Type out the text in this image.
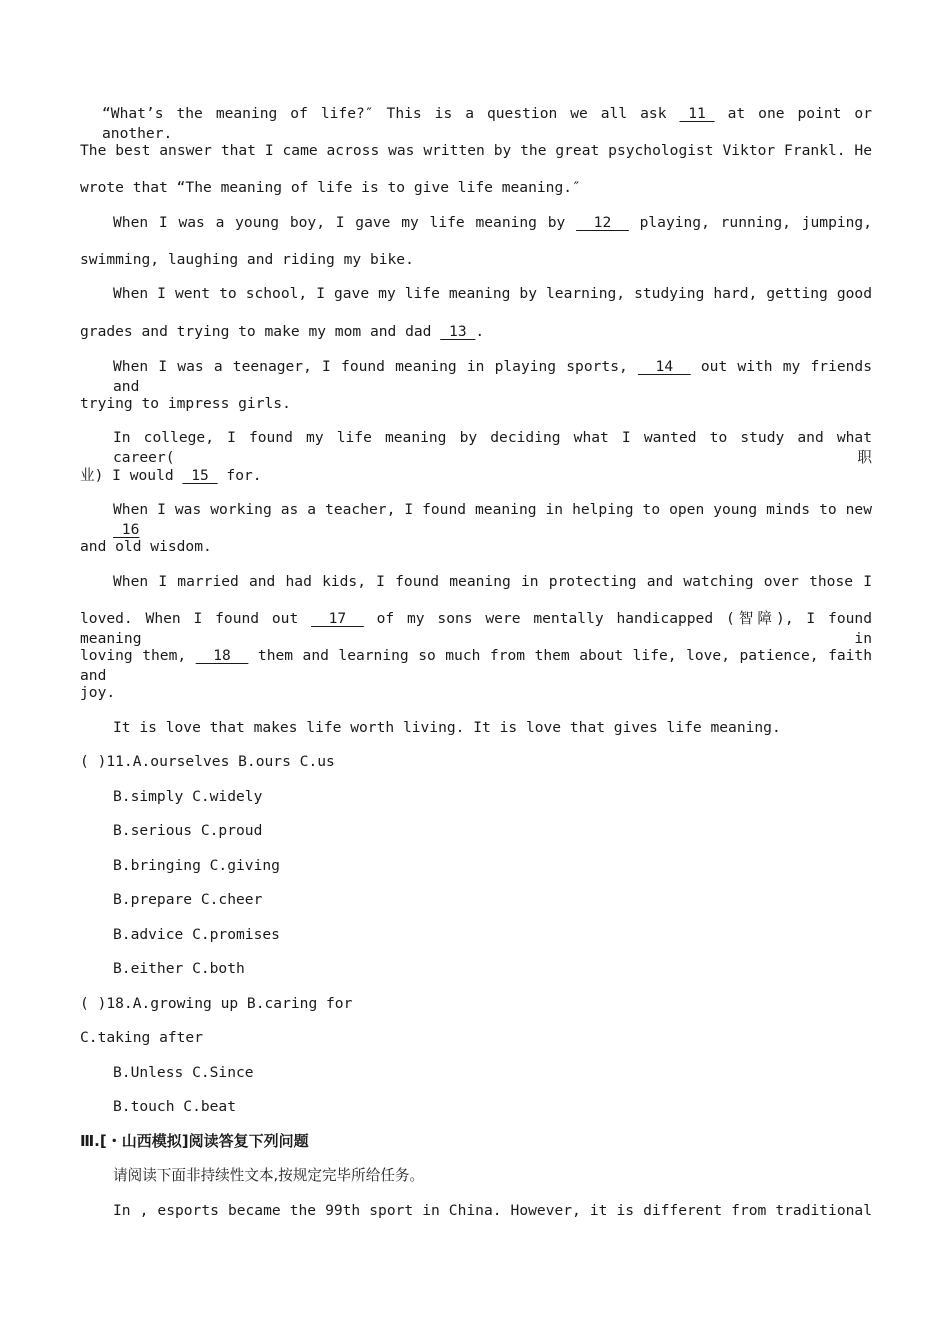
“What’s the meaning of life?″ This is a question we all ask  11  at one point or another.
The best answer that I came across was written by the great psychologist Viktor Frankl. He
wrote that “The meaning of life is to give life meaning.″
When I was a young boy, I gave my life meaning by   12   playing, running, jumping,
swimming, laughing and riding my bike.
When I went to school, I gave my life meaning by learning, studying hard, getting good
grades and trying to make my mom and dad  13 .
When I was a teenager, I found meaning in playing sports,   14   out with my friends and
trying to impress girls.
In college, I found my life meaning by deciding what I wanted to study and what career(职
业) I would  15  for.
When I was working as a teacher, I found meaning in helping to open young minds to new  16
and old wisdom.
When I married and had kids, I found meaning in protecting and watching over those I
loved. When I found out   17   of my sons were mentally handicapped (智障), I found meaning in
loving them,   18   them and learning so much from them about life, love, patience, faith and
joy.
It is love that makes life worth living. It is love that gives life meaning.
( )11.A.ourselves B.ours C.us
B.simply C.widely
B.serious C.proud
B.bringing C.giving
B.prepare C.cheer
B.advice C.promises
B.either C.both
( )18.A.growing up B.caring for
C.taking after
B.Unless C.Since
B.touch C.beat
Ⅲ.[・山西模拟]阅读答复下列问题
请阅读下面非持续性文本,按规定完毕所给任务。
In , esports became the 99th sport in China. However, it is different from traditional
